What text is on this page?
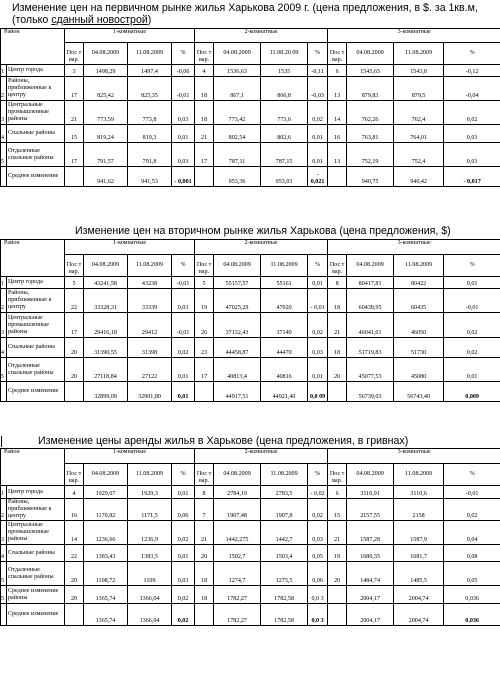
Изменение цен на первичном рынке жилья Харькова 2009 г. (цена предложения, в $. за 1кв.м,
(только сданный новострой)
Изменение цен на вторичном рынке жилья Харькова (цена предложения, $)
Изменение цены аренды жилья в Харькове (цена предложения, в гривнах)
Район		1-комнатные				2-комнатные				3-комнатные			
		Пос т вар.	04.08.2009	11.08.2009	%	Пос т вар.	04.08.2009	11.08.20 09	%	Пос т вар.	04.08.2009	11.08.2009	%
1	Центр города	3	1498,29	1497,4	-0,06	4	1536,63	1535	-0,11	6	1545,65	1543,8	-0,12
2	Районы, приближенные к центру	17	825,42	825,35	-0,01	18	867,1	866,8	-0,03	13	879,83	879,5	-0,04
3	Центральные промышленные районы	21	773,59	773,8	0,03	18	773,42	773,6	0,02	14	762,26	762,4	0,02
4	Спальные районы	15	819,24	819,3	0,01	21	802,54	802,6	0,01	16	763,81	764,01	0,03
5	Отдаленные спальные районы	17	791,57	791,8	0,03	17	787,11	787,15	0,01	13	752,19	752,4	0,03
	Среднее изменение		941,62	941,53	- 0,001		953,36	953,03	- 0,021		940,75	940,42	- 0,017
Район		1-комнатные				2-комнатные				3-комнатные			
		Пос т вар.	04.08.2009	11.08.2009	%	Пос т вар.	04.08.2009	11.08.2009	%	Пос т вар.	04.08.2009	11.08.2009	%
1	Центр города	5	43241,58	43238	-0,01	5	55157,57	55161	0,01	8	80417,81	80422	0,01
2	Районы, приближенные к центру	22	33328,31	33339	0,03	19	47025,29	47020	- 0,01	18	60438,95	60435	-0,01
3	Центральные промышленные районы	17	29416,18	29412	-0,01	26	37132,43	37140	0,02	21	46041,01	46050	0,02
4	Спальные районы	20	31390,55	31398	0,02	23	44458,87	44470	0,03	18	51719,83	51730	0,02
5	Отдаленные спальные районы	20	27118,84	27122	0,01	17	40813,4	40816	0,01	20	45077,53	45080	0,01
	Среднее изменение		32899,09	32901,80	0,01		44917,51	44921,40	0,0 09		56739,03	56743,40	0,009
Район		1-комнатные				2-комнатные				3-комнатные			
		Пос т вар.	04.08.2009	11.08.2009	%	Пос т вар.	04.08.2009	11.08.2009	%	Пос т вар.	04.08.2009	11.08.2009	%
1	Центр города	4	1929,07	1929,3	0,01	8	2784,19	2783,5	- 0,02	6	3110,91	3110,6	-0,01
2	Районы, приближенные к центру	16	1170,82	1171,5	0,06	7	1907,48	1907,8	0,02	15	2157,55	2158	0,02
3	Центральные промышленные районы	14	1236,66	1236,9	0,02	21	1442,275	1442,7	0,03	21	1587,28	1587,9	0,04
4	Спальные районы	22	1383,43	1383,5	0,01	20	1502,7	1503,4	0,05	19	1680,35	1681,7	0,08
5	Отдаленные спальные районы	20	1108,72	1109	0,03	18	1274,7	1275,5	0,06	20	1484,74	1485,5	0,05
5	Среднее изменение районы	20	1365,74	1366,04	0,02	18	1782,27	1782,58	0,0 3		2004,17	2004,74	0,036
	Среднее изменение		1365,74	1366,04	0,02		1782,27	1782,58	0,0 3		2004,17	2004,74	0,036
